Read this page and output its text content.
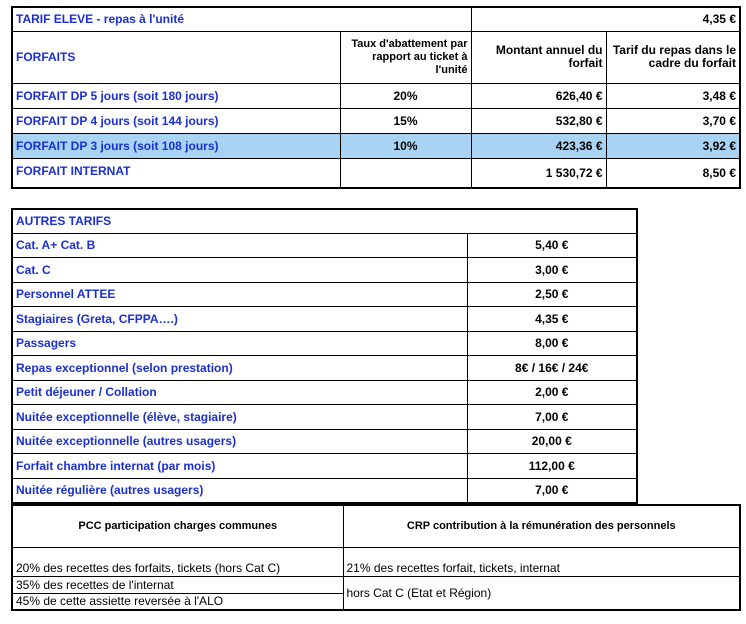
TARIF ELEVE - repas à l'unité		4,35 €	
FORFAITS	Taux d'abattement par rapport au ticket à l'unité	Montant annuel du forfait	Tarif du repas dans le cadre du forfait
FORFAIT DP 5 jours (soit 180 jours)	20%	626,40 €	3,48 €
FORFAIT DP 4 jours (soit 144 jours)	15%	532,80 €	3,70 €
FORFAIT DP 3 jours (soit 108 jours)	10%	423,36 €	3,92 €
FORFAIT INTERNAT		1 530,72 €	8,50 €
AUTRES TARIFS	
Cat. A+ Cat. B	5,40 €
Cat. C	3,00 €
Personnel ATTEE	2,50 €
Stagiaires (Greta, CFPPA….)	4,35 €
Passagers	8,00 €
Repas exceptionnel (selon prestation)	8€ / 16€ / 24€
Petit déjeuner / Collation	2,00 €
Nuitée exceptionnelle (élève, stagiaire)	7,00 €
Nuitée exceptionnelle (autres usagers)	20,00 €
Forfait chambre internat (par mois)	112,00 €
Nuitée régulière (autres usagers)	7,00 €
PCC participation charges communes	CRP contribution à la rémunération des personnels
20% des recettes des forfaits, tickets (hors Cat C)	21% des recettes forfait, tickets, internat
35% des recettes de l'internat	hors Cat C (Etat et Région)
45% de cette assiette reversée à l'ALO	
